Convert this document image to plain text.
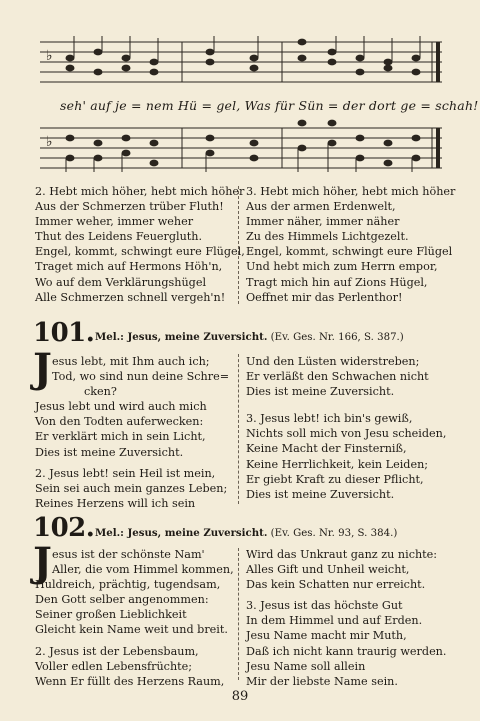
♭
seh' auf je = nem Hü = gel, Was für Sün = der dort ge = schah!
♭
2. Hebt mich höher, hebt mich höher
Aus der Schmerzen trüber Fluth!
Immer weher, immer weher
Thut des Leidens Feuergluth.
Engel, kommt, schwingt eure Flügel,
Traget mich auf Hermons Höh'n,
Wo auf dem Verklärungshügel
Alle Schmerzen schnell vergeh'n!
3. Hebt mich höher, hebt mich höher
Aus der armen Erdenwelt,
Immer näher, immer näher
Zu des Himmels Lichtgezelt.
Engel, kommt, schwingt eure Flügel
Und hebt mich zum Herrn empor,
Tragt mich hin auf Zions Hügel,
Oeffnet mir das Perlenthor!
101. Mel.: Jesus, meine Zuversicht. (Ev. Ges. Nr. 166, S. 387.)
J esus lebt, mit Ihm auch ich;
Tod, wo sind nun deine Schre=
cken?
Jesus lebt und wird auch mich
Von den Todten auferwecken:
Er verklärt mich in sein Licht,
Dies ist meine Zuversicht.
2. Jesus lebt! sein Heil ist mein,
Sein sei auch mein ganzes Leben;
Reines Herzens will ich sein
Und den Lüsten widerstreben;
Er verläßt den Schwachen nicht
Dies ist meine Zuversicht.
3. Jesus lebt! ich bin's gewiß,
Nichts soll mich von Jesu scheiden,
Keine Macht der Finsterniß,
Keine Herrlichkeit, kein Leiden;
Er giebt Kraft zu dieser Pflicht,
Dies ist meine Zuversicht.
102. Mel.: Jesus, meine Zuversicht. (Ev. Ges. Nr. 93, S. 384.)
J esus ist der schönste Nam'
Aller, die vom Himmel kommen,
Huldreich, prächtig, tugendsam,
Den Gott selber angenommen:
Seiner großen Lieblichkeit
Gleicht kein Name weit und breit.
2. Jesus ist der Lebensbaum,
Voller edlen Lebensfrüchte;
Wenn Er füllt des Herzens Raum,
Wird das Unkraut ganz zu nichte:
Alles Gift und Unheil weicht,
Das kein Schatten nur erreicht.
3. Jesus ist das höchste Gut
In dem Himmel und auf Erden.
Jesu Name macht mir Muth,
Daß ich nicht kann traurig werden.
Jesu Name soll allein
Mir der liebste Name sein.
89
